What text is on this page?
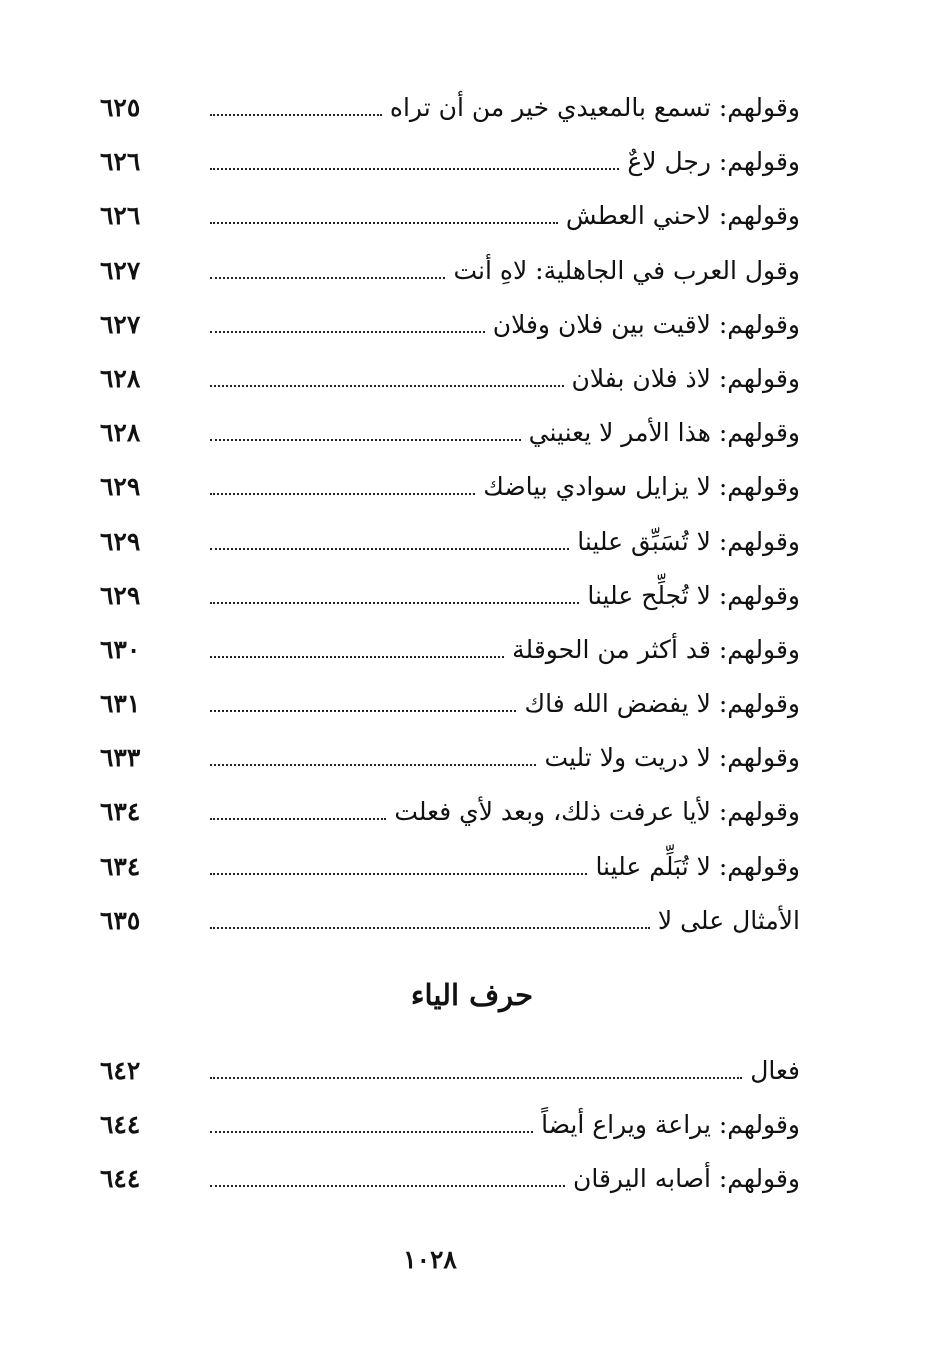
وقولهم: تسمع بالمعيدي خير من أن تراه
٦٢٥
وقولهم: رجل لاعٌ
٦٢٦
وقولهم: لاحني العطش
٦٢٦
وقول العرب في الجاهلية: لاهِ أنت
٦٢٧
وقولهم: لاقيت بين فلان وفلان
٦٢٧
وقولهم: لاذ فلان بفلان
٦٢٨
وقولهم: هذا الأمر لا يعنيني
٦٢٨
وقولهم: لا يزايل سوادي بياضك
٦٢٩
وقولهم: لا تُسَبِّق علينا
٦٢٩
وقولهم: لا تُجلِّح علينا
٦٢٩
وقولهم: قد أكثر من الحوقلة
٦٣٠
وقولهم: لا يفضض الله فاك
٦٣١
وقولهم: لا دريت ولا تليت
٦٣٣
وقولهم: لأيا عرفت ذلك، وبعد لأي فعلت
٦٣٤
وقولهم: لا تُبَلِّم علينا
٦٣٤
الأمثال على لا
٦٣٥
حرف الياء
فعال
٦٤٢
وقولهم: يراعة ويراع أيضاً
٦٤٤
وقولهم: أصابه اليرقان
٦٤٤
١٠٢٨
